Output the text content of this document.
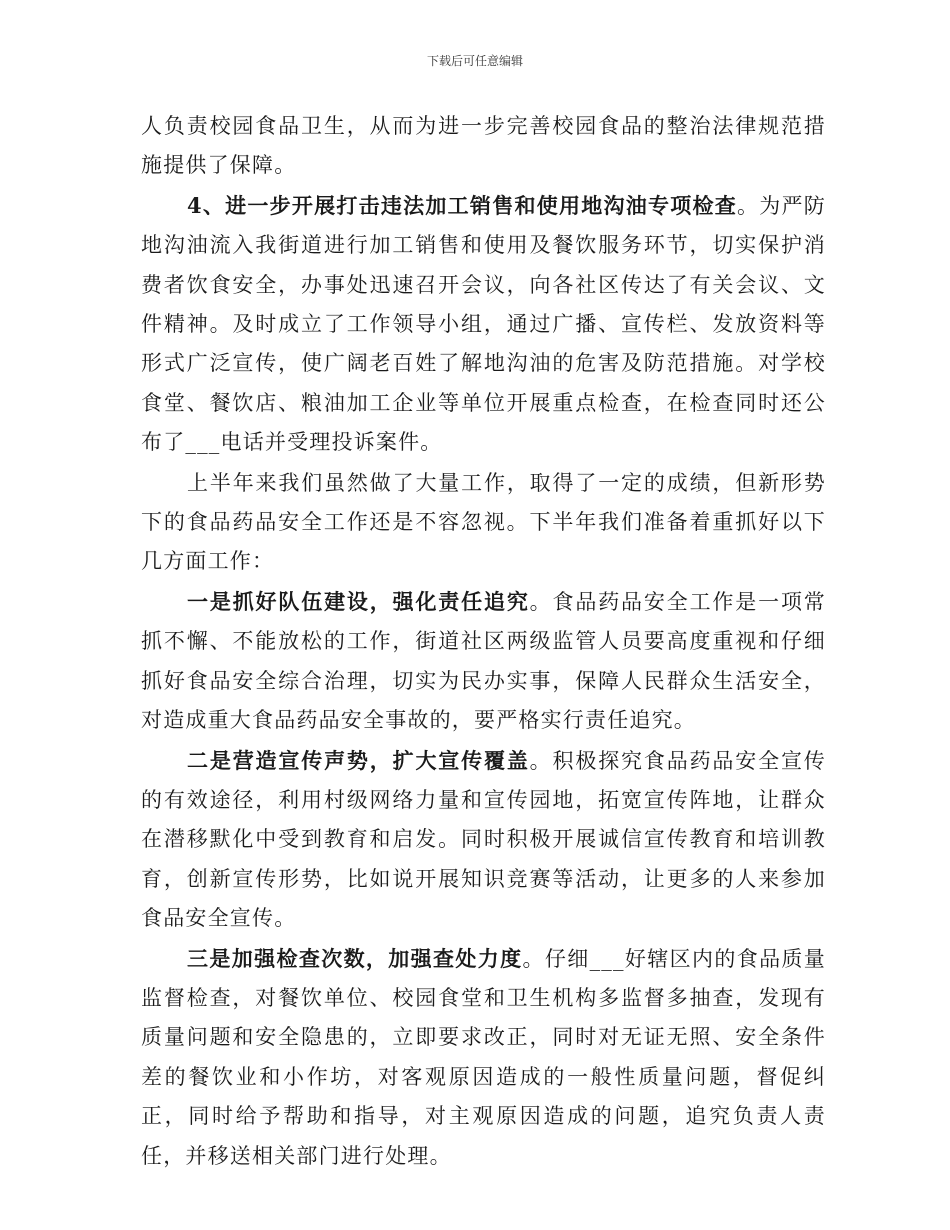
下载后可任意编辑

人负责校园食品卫生，从而为进一步完善校园食品的整治法律规范措施提供了保障。

4、进一步开展打击违法加工销售和使用地沟油专项检查。为严防地沟油流入我街道进行加工销售和使用及餐饮服务环节，切实保护消费者饮食安全，办事处迅速召开会议，向各社区传达了有关会议、文件精神。及时成立了工作领导小组，通过广播、宣传栏、发放资料等形式广泛宣传，使广阔老百姓了解地沟油的危害及防范措施。对学校食堂、餐饮店、粮油加工企业等单位开展重点检查，在检查同时还公布了___电话并受理投诉案件。

上半年来我们虽然做了大量工作，取得了一定的成绩，但新形势下的食品药品安全工作还是不容忽视。下半年我们准备着重抓好以下几方面工作：

一是抓好队伍建设，强化责任追究。食品药品安全工作是一项常抓不懈、不能放松的工作，街道社区两级监管人员要高度重视和仔细抓好食品安全综合治理，切实为民办实事，保障人民群众生活安全，对造成重大食品药品安全事故的，要严格实行责任追究。

二是营造宣传声势，扩大宣传覆盖。积极探究食品药品安全宣传的有效途径，利用村级网络力量和宣传园地，拓宽宣传阵地，让群众在潜移默化中受到教育和启发。同时积极开展诚信宣传教育和培训教育，创新宣传形势，比如说开展知识竞赛等活动，让更多的人来参加食品安全宣传。

三是加强检查次数，加强查处力度。仔细___好辖区内的食品质量监督检查，对餐饮单位、校园食堂和卫生机构多监督多抽查，发现有质量问题和安全隐患的，立即要求改正，同时对无证无照、安全条件差的餐饮业和小作坊，对客观原因造成的一般性质量问题，督促纠正，同时给予帮助和指导，对主观原因造成的问题，追究负责人责任，并移送相关部门进行处理。
